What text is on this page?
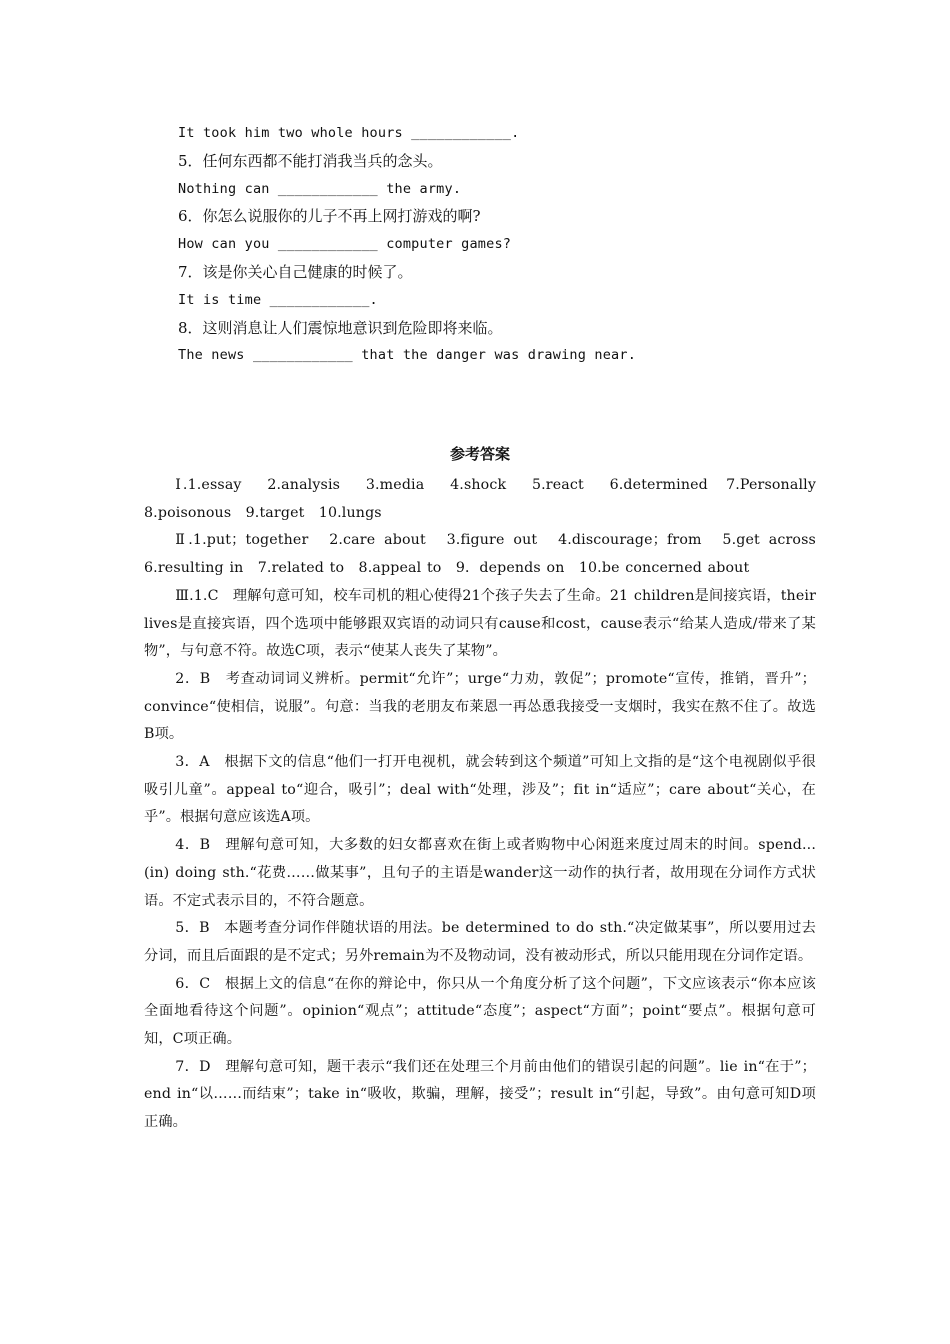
It took him two whole hours ____________.
5．任何东西都不能打消我当兵的念头。
Nothing can ____________ the army.
6．你怎么说服你的儿子不再上网打游戏的啊?
How can you ____________ computer games?
7．该是你关心自己健康的时候了。
It is time ____________.
8．这则消息让人们震惊地意识到危险即将来临。
The news ____________ that the danger was drawing near.
参考答案
Ⅰ.1.essay　 2.analysis　 3.media　 4.shock　 5.react　 6.determined　7.Personally　8.poisonous　9.target　10.lungs
Ⅱ.1.put；together　2.care about　3.figure out　4.discourage；from　5.get across　6.resulting in　7.related to　8.appeal to　9．depends on　10.be concerned about
Ⅲ.1.C　理解句意可知，校车司机的粗心使得21个孩子失去了生命。21 children是间接宾语，their lives是直接宾语，四个选项中能够跟双宾语的动词只有cause和cost，cause表示“给某人造成/带来了某物”，与句意不符。故选C项，表示“使某人丧失了某物”。
2．B　考查动词词义辨析。permit“允许”；urge“力劝，敦促”；promote“宣传，推销，晋升”；convince“使相信，说服”。句意：当我的老朋友布莱恩一再怂恿我接受一支烟时，我实在熬不住了。故选B项。
3．A　根据下文的信息“他们一打开电视机，就会转到这个频道”可知上文指的是“这个电视剧似乎很吸引儿童”。appeal to“迎合，吸引”；deal with“处理，涉及”；fit in“适应”；care about“关心，在乎”。根据句意应该选A项。
4．B　理解句意可知，大多数的妇女都喜欢在街上或者购物中心闲逛来度过周末的时间。spend...(in) doing sth.“花费……做某事”，且句子的主语是wander这一动作的执行者，故用现在分词作方式状语。不定式表示目的，不符合题意。
5．B　本题考查分词作伴随状语的用法。be determined to do sth.“决定做某事”，所以要用过去分词，而且后面跟的是不定式；另外remain为不及物动词，没有被动形式，所以只能用现在分词作定语。
6．C　根据上文的信息“在你的辩论中，你只从一个角度分析了这个问题”，下文应该表示“你本应该全面地看待这个问题”。opinion“观点”；attitude“态度”；aspect“方面”；point“要点”。根据句意可知，C项正确。
7．D　理解句意可知，题干表示“我们还在处理三个月前由他们的错误引起的问题”。lie in“在于”；end in“以……而结束”；take in“吸收，欺骗，理解，接受”；result in“引起，导致”。由句意可知D项正确。
